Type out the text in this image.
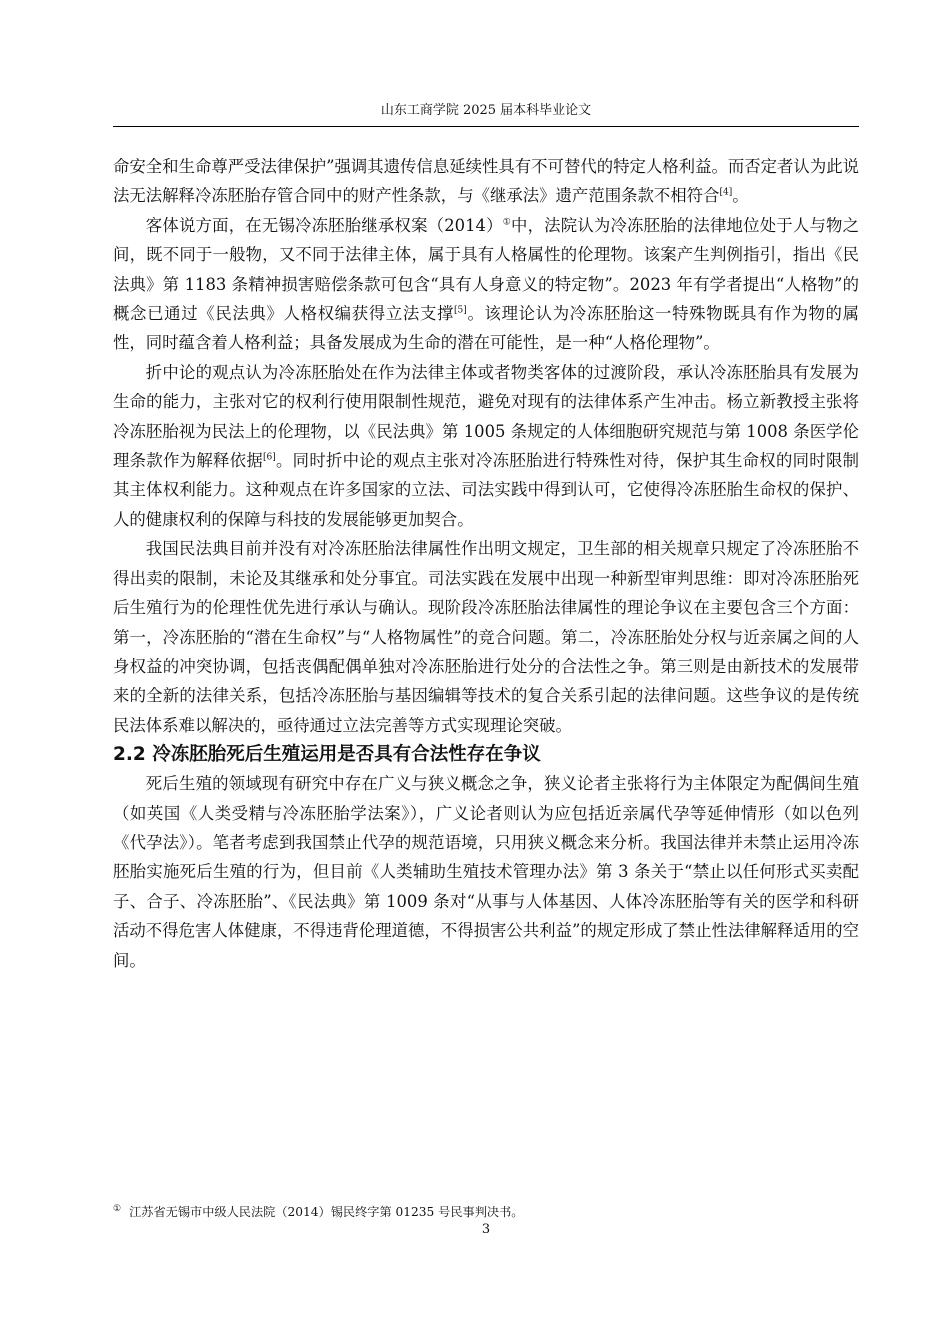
山东工商学院 2025 届本科毕业论文

命安全和生命尊严受法律保护”强调其遗传信息延续性具有不可替代的特定人格利益。而否定者认为此说法无法解释冷冻胚胎存管合同中的财产性条款，与《继承法》遗产范围条款不相符合[4]。

客体说方面，在无锡冷冻胚胎继承权案（2014）①中，法院认为冷冻胚胎的法律地位处于人与物之间，既不同于一般物，又不同于法律主体，属于具有人格属性的伦理物。该案产生判例指引，指出《民法典》第 1183 条精神损害赔偿条款可包含“具有人身意义的特定物”。2023 年有学者提出“人格物”的概念已通过《民法典》人格权编获得立法支撑[5]。该理论认为冷冻胚胎这一特殊物既具有作为物的属性，同时蕴含着人格利益；具备发展成为生命的潜在可能性，是一种“人格伦理物”。

折中论的观点认为冷冻胚胎处在作为法律主体或者物类客体的过渡阶段，承认冷冻胚胎具有发展为生命的能力，主张对它的权利行使用限制性规范，避免对现有的法律体系产生冲击。杨立新教授主张将冷冻胚胎视为民法上的伦理物，以《民法典》第 1005 条规定的人体细胞研究规范与第 1008 条医学伦理条款作为解释依据[6]。同时折中论的观点主张对冷冻胚胎进行特殊性对待，保护其生命权的同时限制其主体权利能力。这种观点在许多国家的立法、司法实践中得到认可，它使得冷冻胚胎生命权的保护、人的健康权利的保障与科技的发展能够更加契合。

我国民法典目前并没有对冷冻胚胎法律属性作出明文规定，卫生部的相关规章只规定了冷冻胚胎不得出卖的限制，未论及其继承和处分事宜。司法实践在发展中出现一种新型审判思维：即对冷冻胚胎死后生殖行为的伦理性优先进行承认与确认。现阶段冷冻胚胎法律属性的理论争议在主要包含三个方面：第一，冷冻胚胎的“潜在生命权”与“人格物属性”的竞合问题。第二，冷冻胚胎处分权与近亲属之间的人身权益的冲突协调，包括丧偶配偶单独对冷冻胚胎进行处分的合法性之争。第三则是由新技术的发展带来的全新的法律关系，包括冷冻胚胎与基因编辑等技术的复合关系引起的法律问题。这些争议的是传统民法体系难以解决的，亟待通过立法完善等方式实现理论突破。

2.2 冷冻胚胎死后生殖运用是否具有合法性存在争议

死后生殖的领域现有研究中存在广义与狭义概念之争，狭义论者主张将行为主体限定为配偶间生殖（如英国《人类受精与冷冻胚胎学法案》），广义论者则认为应包括近亲属代孕等延伸情形（如以色列《代孕法》）。笔者考虑到我国禁止代孕的规范语境，只用狭义概念来分析。我国法律并未禁止运用冷冻胚胎实施死后生殖的行为，但目前《人类辅助生殖技术管理办法》第 3 条关于“禁止以任何形式买卖配子、合子、冷冻胚胎”、《民法典》第 1009 条对“从事与人体基因、人体冷冻胚胎等有关的医学和科研活动不得危害人体健康，不得违背伦理道德，不得损害公共利益”的规定形成了禁止性法律解释适用的空间。

① 江苏省无锡市中级人民法院（2014）锡民终字第 01235 号民事判决书。

3
